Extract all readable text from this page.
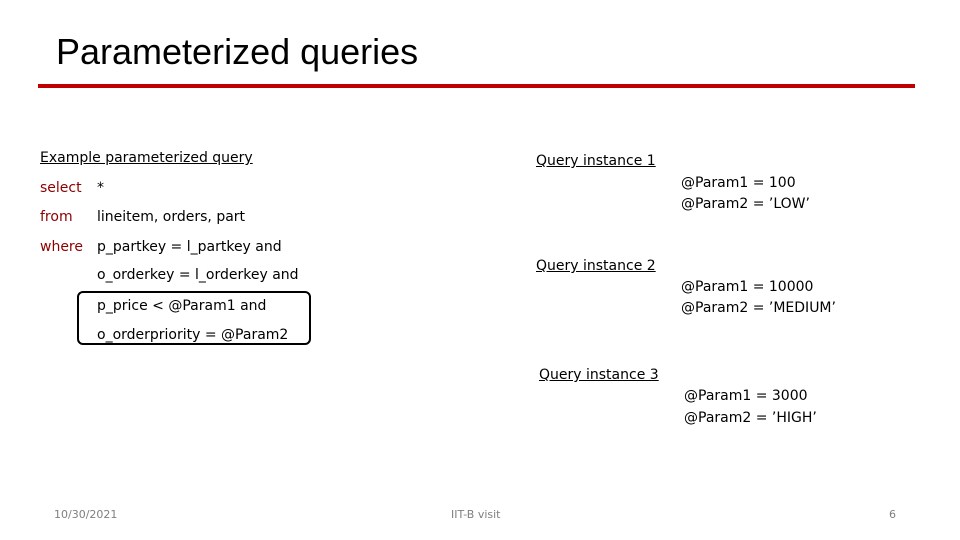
Parameterized queries
Example parameterized query
select *
from lineitem, orders, part
where p_partkey = l_partkey and
o_orderkey = l_orderkey and
p_price < @Param1 and
o_orderpriority = @Param2
Query instance 1
@Param1 = 100
@Param2 = ’LOW’
Query instance 2
@Param1 = 10000
@Param2 = ’MEDIUM’
Query instance 3
@Param1 = 3000
@Param2 = ’HIGH’
10/30/2021	IIT-B visit	6
